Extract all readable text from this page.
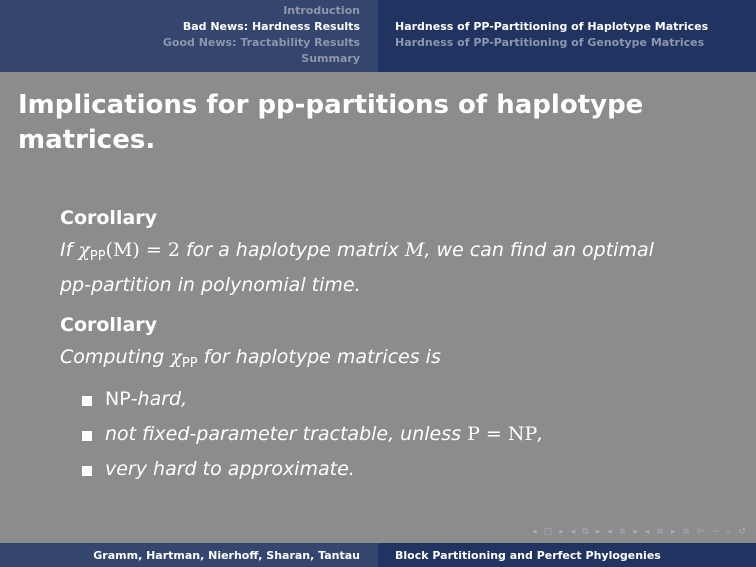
Introduction
Bad News: Hardness Results
Good News: Tractability Results
Summary
Hardness of PP-Partitioning of Haplotype Matrices
Hardness of PP-Partitioning of Genotype Matrices
Implications for pp-partitions of haplotype
matrices.
Corollary
If $\chi_{PP}(M) = 2$ for a haplotype matrix M, we can find an optimal
pp-partition in polynomial time.
Corollary
Computing $\chi_{PP}$ for haplotype matrices is
NP -hard,
not fixed-parameter tractable, unless
P = NP ,
very hard to approximate.
◂ □ ▸ ◂ ⧉ ▸ ◂ ≡ ▸ ◂ ≡ ▸ ≡ ⊨ ∽ ⌕ ↺
Gramm, Hartman, Nierhoff, Sharan, Tantau	Block Partitioning and Perfect Phylogenies
